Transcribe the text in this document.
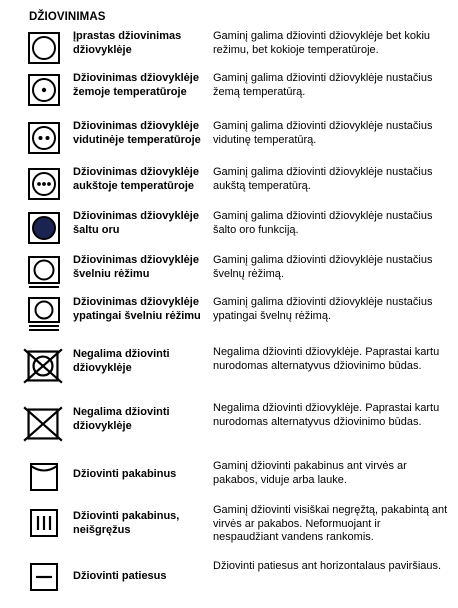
DŽIOVINIMAS
Įprastas džiovinimas džiovyklėje
Gaminį galima džiovinti džiovyklėje bet kokiu režimu, bet kokioje temperatūroje.
Džiovinimas džiovyklėje žemoje temperatūroje
Gaminį galima džiovinti džiovyklėje nustačius žemą temperatūrą.
Džiovinimas džiovyklėje vidutinėje temperatūroje
Gaminį galima džiovinti džiovyklėje nustačius vidutinę temperatūrą.
Džiovinimas džiovyklėje aukštoje temperatūroje
Gaminį galima džiovinti džiovyklėje nustačius aukštą temperatūrą.
Džiovinimas džiovyklėje šaltu oru
Gaminį galima džiovinti džiovyklėje nustačius šalto oro funkciją.
Džiovinimas džiovyklėje švelniu rėžimu
Gaminį galima džiovinti džiovyklėje nustačius švelnų rėžimą.
Džiovinimas džiovyklėje ypatingai švelniu rėžimu
Gaminį galima džiovinti džiovyklėje nustačius ypatingai švelnų rėžimą.
Negalima džiovinti džiovyklėje
Negalima džiovinti džiovyklėje. Paprastai kartu nurodomas alternatyvus džiovinimo būdas.
Negalima džiovinti džiovyklėje
Negalima džiovinti džiovyklėje. Paprastai kartu nurodomas alternatyvus džiovinimo būdas.
Džiovinti pakabinus
Gaminį džiovinti pakabinus ant virvės ar pakabos, viduje arba lauke.
Džiovinti pakabinus, neišgręžus
Gaminį džiovinti visiškai negręžtą, pakabintą ant virvės ar pakabos. Neformuojant ir nespaudžiant vandens rankomis.
Džiovinti patiesus
Džiovinti patiesus ant horizontalaus paviršiaus.
